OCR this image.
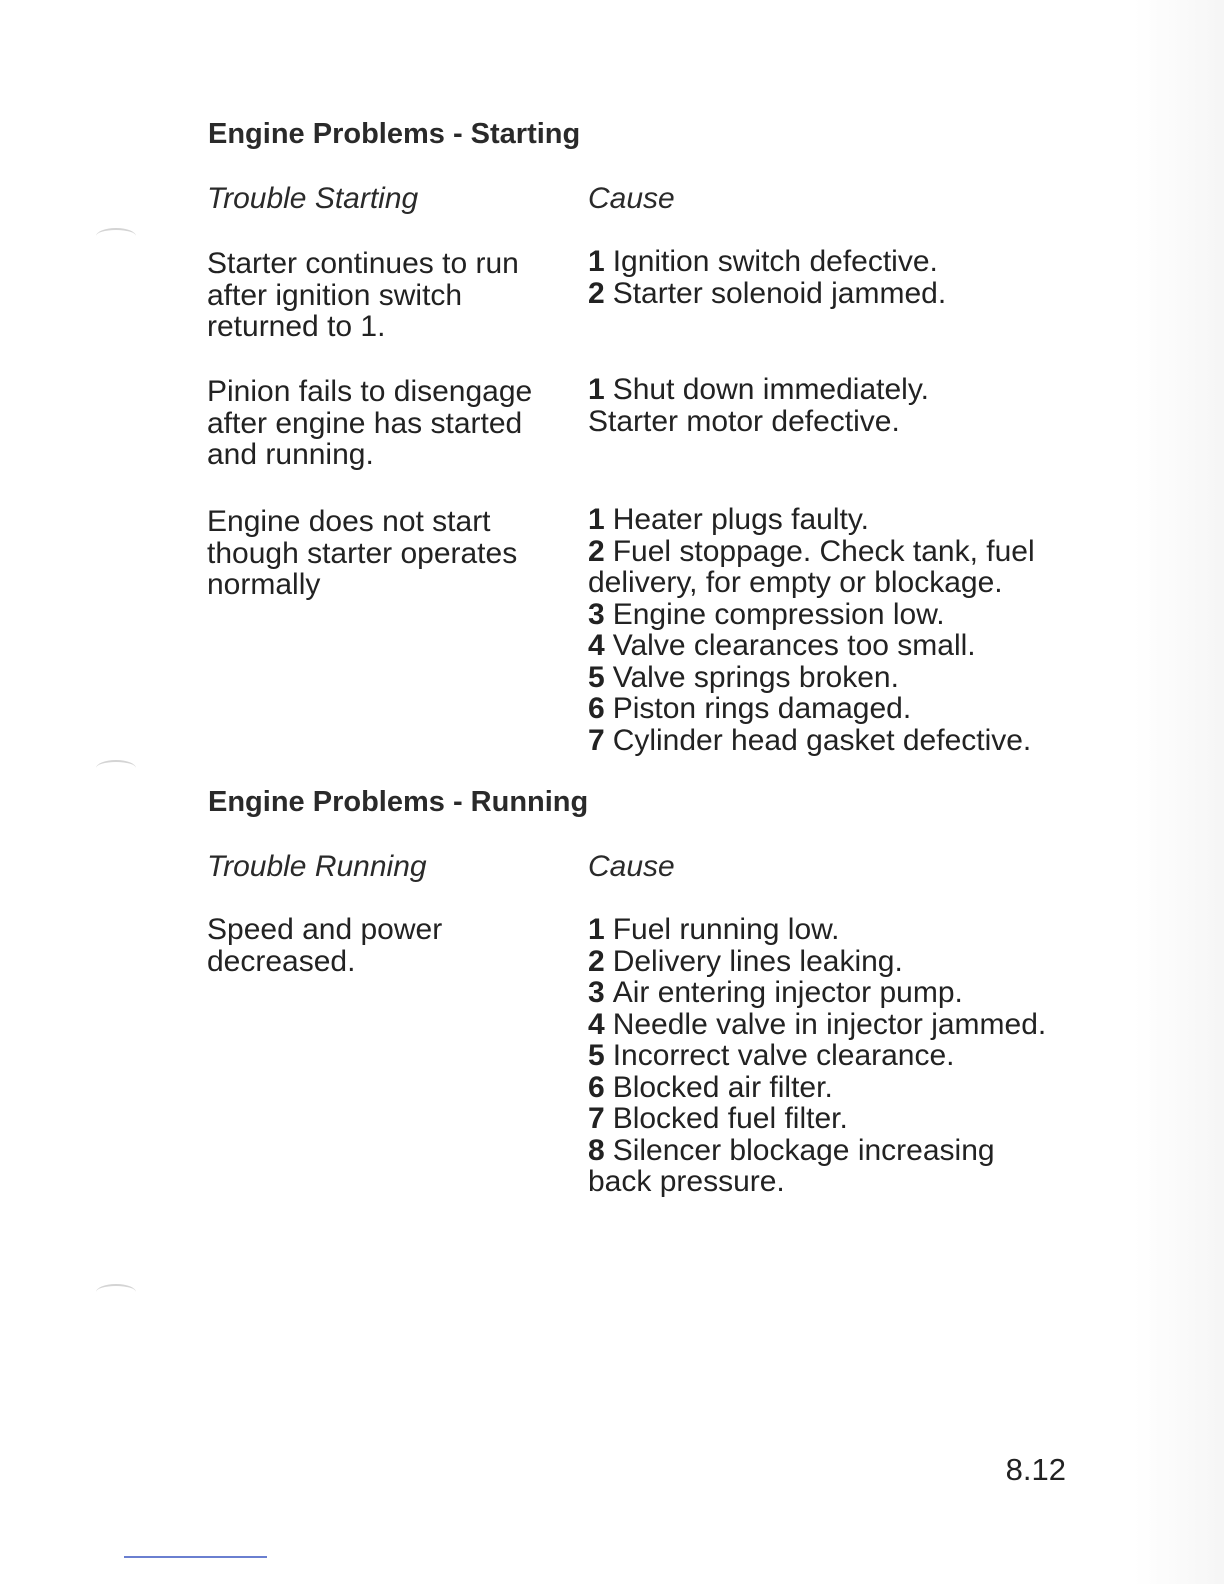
Engine Problems - Starting
Trouble Starting	Cause

Starter continues to run after ignition switch returned to 1.

1 Ignition switch defective.
2 Starter solenoid jammed.

Pinion fails to disengage after engine has started and running.

1 Shut down immediately.
Starter motor defective.

Engine does not start though starter operates normally

1 Heater plugs faulty.
2 Fuel stoppage. Check tank, fuel delivery, for empty or blockage.
3 Engine compression low.
4 Valve clearances too small.
5 Valve springs broken.
6 Piston rings damaged.
7 Cylinder head gasket defective.
Engine Problems - Running
Trouble Running	Cause

Speed and power decreased.

1 Fuel running low.
2 Delivery lines leaking.
3 Air entering injector pump.
4 Needle valve in injector jammed.
5 Incorrect valve clearance.
6 Blocked air filter.
7 Blocked fuel filter.
8 Silencer blockage increasing back pressure.

8.12
